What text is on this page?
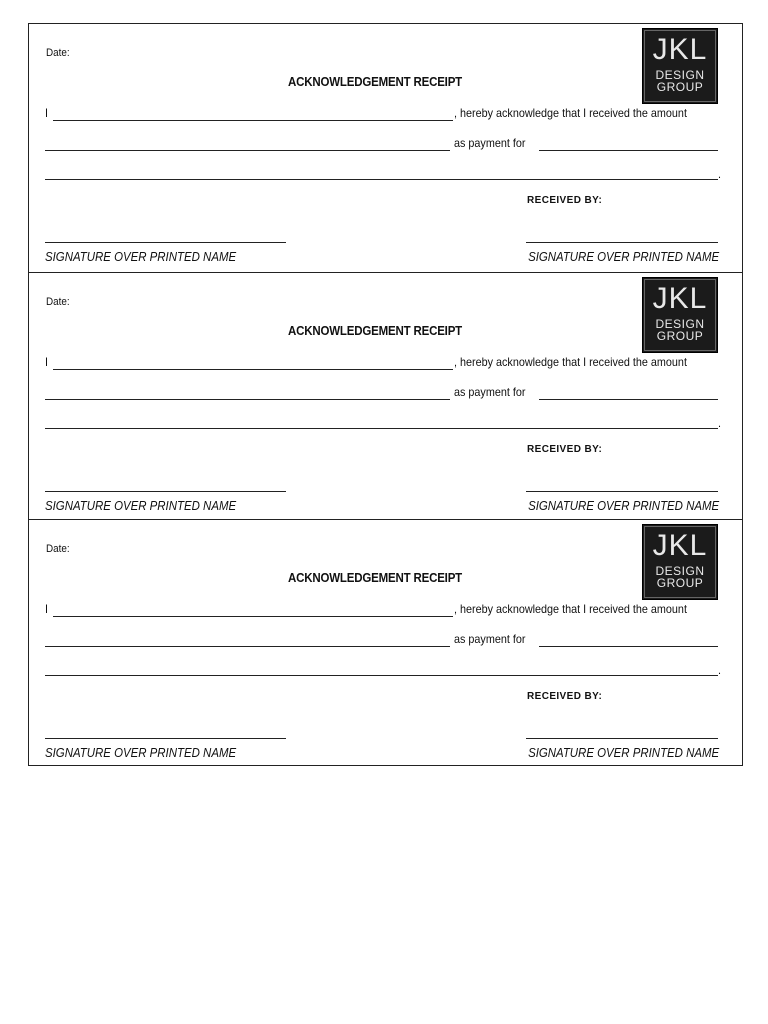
Date:
ACKNOWLEDGEMENT RECEIPT
JKL
DESIGN
GROUP
I	, hereby acknowledge that I received the amount
as payment for
.
RECEIVED BY:
SIGNATURE OVER PRINTED NAME	SIGNATURE OVER PRINTED NAME
Date:
ACKNOWLEDGEMENT RECEIPT
JKL
DESIGN
GROUP
I	, hereby acknowledge that I received the amount
as payment for
.
RECEIVED BY:
SIGNATURE OVER PRINTED NAME	SIGNATURE OVER PRINTED NAME
Date:
ACKNOWLEDGEMENT RECEIPT
JKL
DESIGN
GROUP
I	, hereby acknowledge that I received the amount
as payment for
.
RECEIVED BY:
SIGNATURE OVER PRINTED NAME	SIGNATURE OVER PRINTED NAME
